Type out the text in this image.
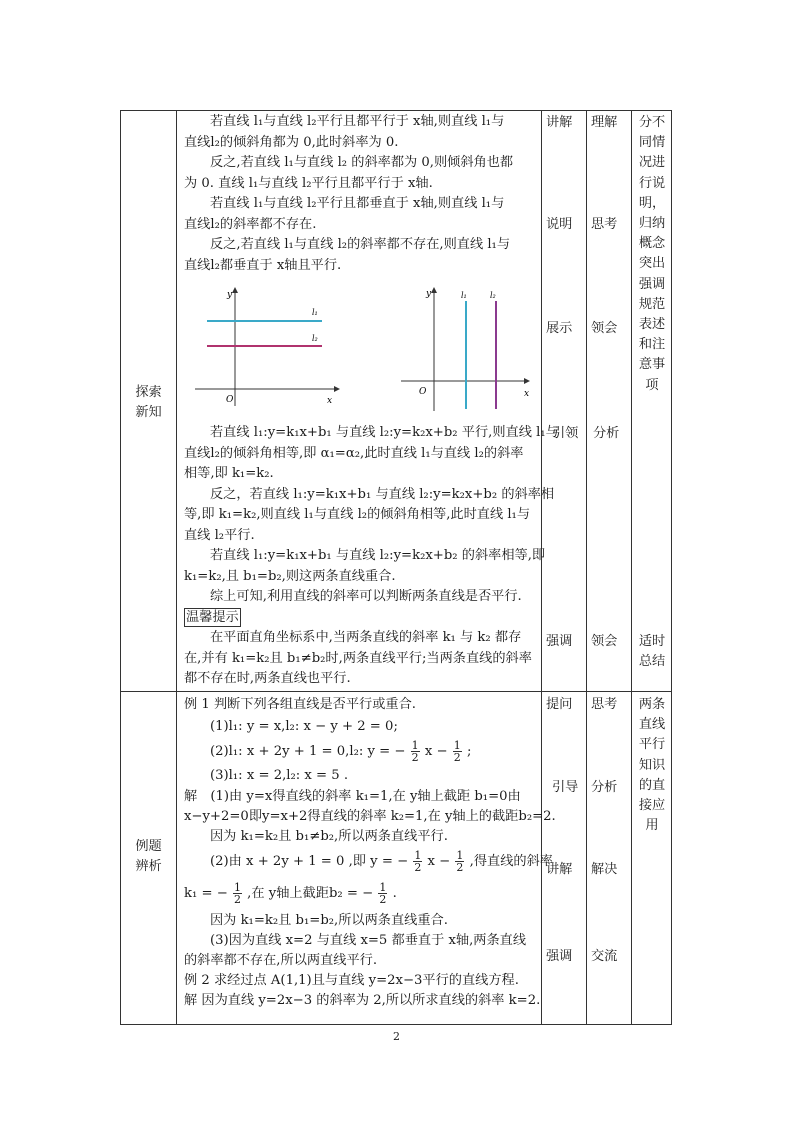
探索
新知

若直线 l₁与直线 l₂平行且都平行于 x轴,则直线 l₁与

直线l₂的倾斜角都为 0,此时斜率为 0.

反之,若直线 l₁与直线 l₂ 的斜率都为 0,则倾斜角也都

为 0. 直线 l₁与直线 l₂平行且都平行于 x轴.

若直线 l₁与直线 l₂平行且都垂直于 x轴,则直线 l₁与

直线l₂的斜率都不存在.

反之,若直线 l₁与直线 l₂的斜率都不存在,则直线 l₁与

直线l₂都垂直于 x轴且平行.

y
x
O
l₁
l₂
y
x
O
l₁	l₂

若直线 l₁:y=k₁x+b₁ 与直线 l₂:y=k₂x+b₂ 平行,则直线 l₁与

直线l₂的倾斜角相等,即 α₁=α₂,此时直线 l₁与直线 l₂的斜率

相等,即 k₁=k₂.

反之，若直线 l₁:y=k₁x+b₁ 与直线 l₂:y=k₂x+b₂ 的斜率相

等,即 k₁=k₂,则直线 l₁与直线 l₂的倾斜角相等,此时直线 l₁与

直线 l₂平行.

若直线 l₁:y=k₁x+b₁ 与直线 l₂:y=k₂x+b₂ 的斜率相等,即

k₁=k₂,且 b₁=b₂,则这两条直线重合.

综上可知,利用直线的斜率可以判断两条直线是否平行.

温馨提示

在平面直角坐标系中,当两条直线的斜率 k₁ 与 k₂ 都存

在,并有 k₁=k₂且 b₁≠b₂时,两条直线平行;当两条直线的斜率

都不存在时,两条直线也平行.

讲解
说明
展示
引领
强调
理解
思考
领会
分析
领会
分不
同情
况进
行说
明，
归纳
概念
突出
强调
规范
表述
和注
意事
项
适时
总结
例题
辨析

例 1 判断下列各组直线是否平行或重合.

(1)l₁: y = x,l₂: x − y + 2 = 0;

(2)l₁: x + 2y + 1 = 0,l₂: y = − $\frac{1}{2}$ $x - \frac{1}{2}$ ;

(3)l₁: x = 2,l₂: x = 5 .

解　(1)由 y=x得直线的斜率 k₁=1,在 y轴上截距 b₁=0由

x−y+2=0即y=x+2得直线的斜率 k₂=1,在 y轴上的截距b₂=2.

因为 k₁=k₂且 b₁≠b₂,所以两条直线平行.

(2)由 x + 2y + 1 = 0 ,即 y = − $\frac{1}{2}$ $x - \frac{1}{2}$ ,得直线的斜率

k₁ = − $\frac{1}{2}$ ,在 y轴上截距b₂ = − $\frac{1}{2}$ .

因为 k₁=k₂且 b₁=b₂,所以两条直线重合.

(3)因为直线 x=2 与直线 x=5 都垂直于 x轴,两条直线

的斜率都不存在,所以两直线平行.

例 2 求经过点 A(1,1)且与直线 y=2x−3平行的直线方程.

解 因为直线 y=2x−3 的斜率为 2,所以所求直线的斜率 k=2.

提问
引导
讲解
强调
思考
分析
解决
交流
两条
直线
平行
知识
的直
接应
用
2
